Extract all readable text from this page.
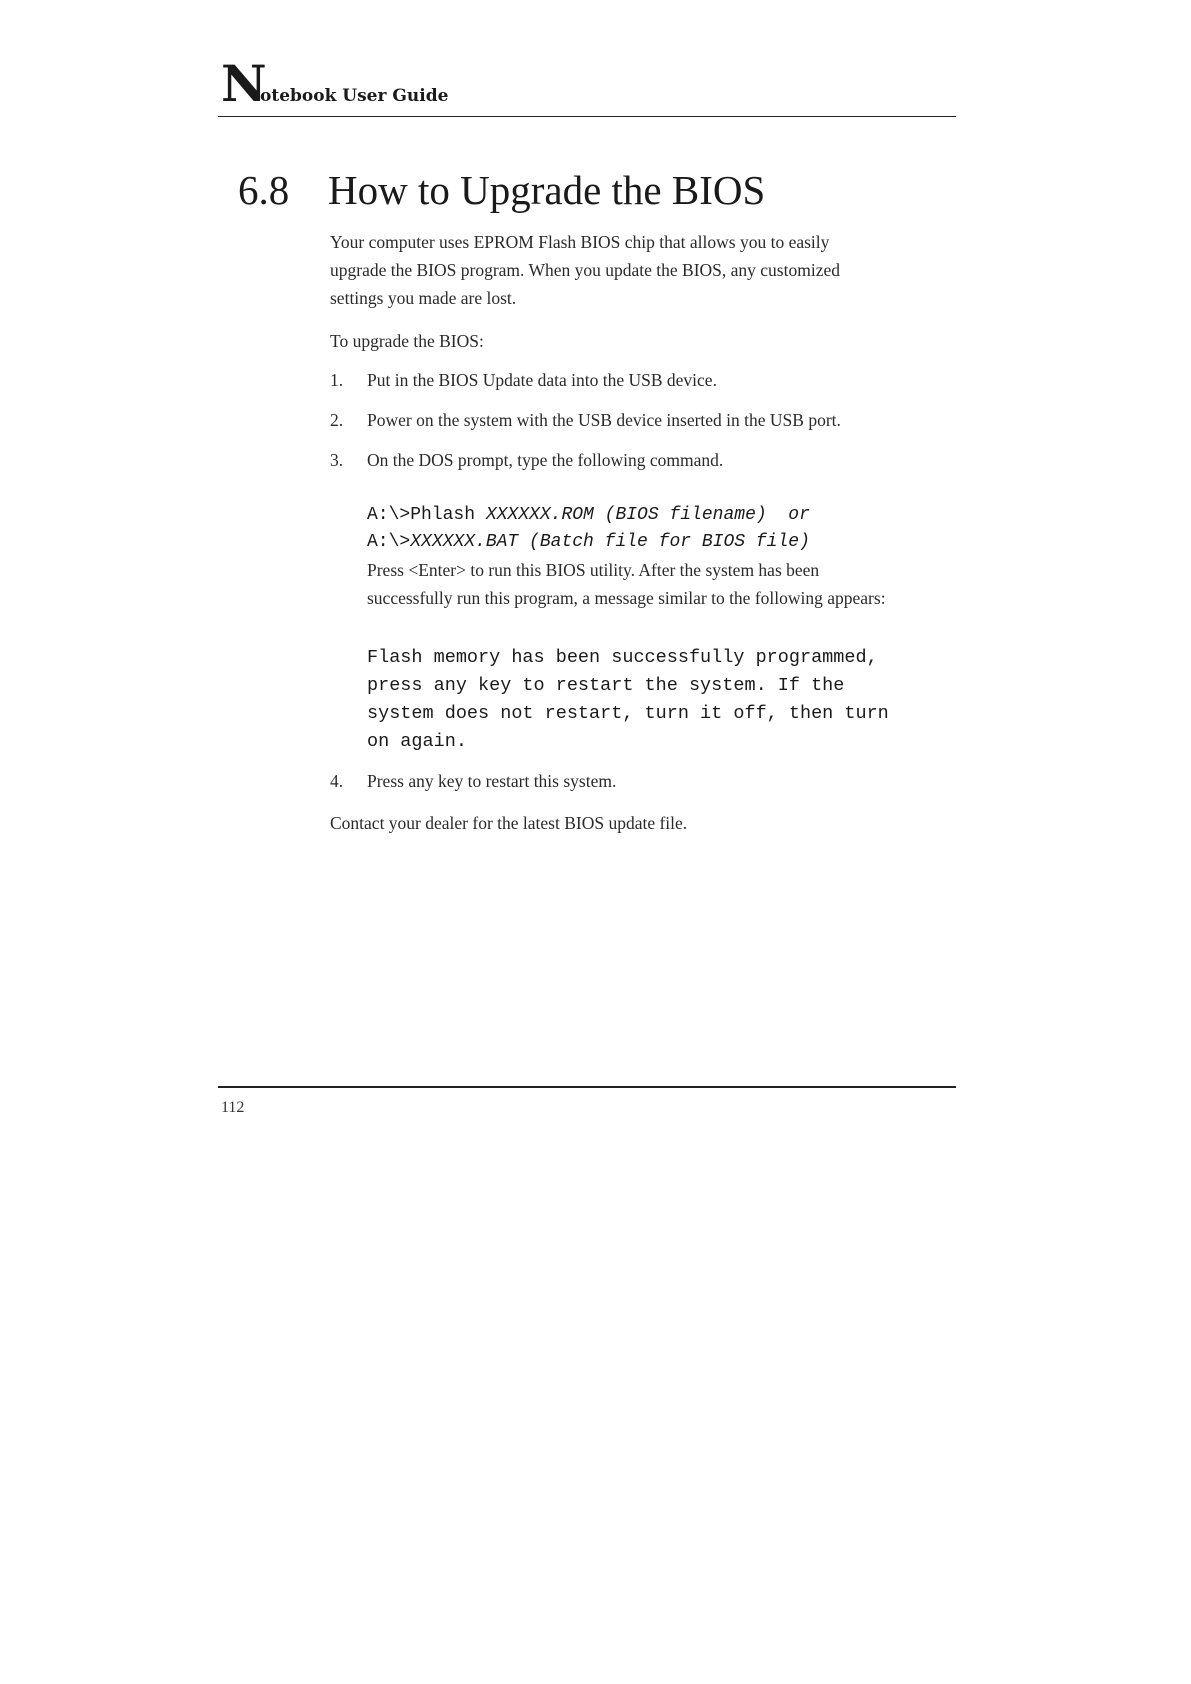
N
otebook User Guide
6.8 How to Upgrade the BIOS

Your computer uses EPROM Flash BIOS chip that allows you to easily

upgrade the BIOS program. When you update the BIOS, any customized

settings you made are lost.

To upgrade the BIOS:
1. Put in the BIOS Update data into the USB device.
2. Power on the system with the USB device inserted in the USB port.
3. On the DOS prompt, type the following command.
A:\>Phlash XXXXXX.ROM (BIOS filename)  or
A:\>XXXXXX.BAT (Batch file for BIOS file)

Press <Enter> to run this BIOS utility. After the system has been

successfully run this program, a message similar to the following appears:

Flash memory has been successfully programmed,

press any key to restart the system. If the

system does not restart, turn it off, then turn

on again.

4. Press any key to restart this system.
Contact your dealer for the latest BIOS update file.
112
